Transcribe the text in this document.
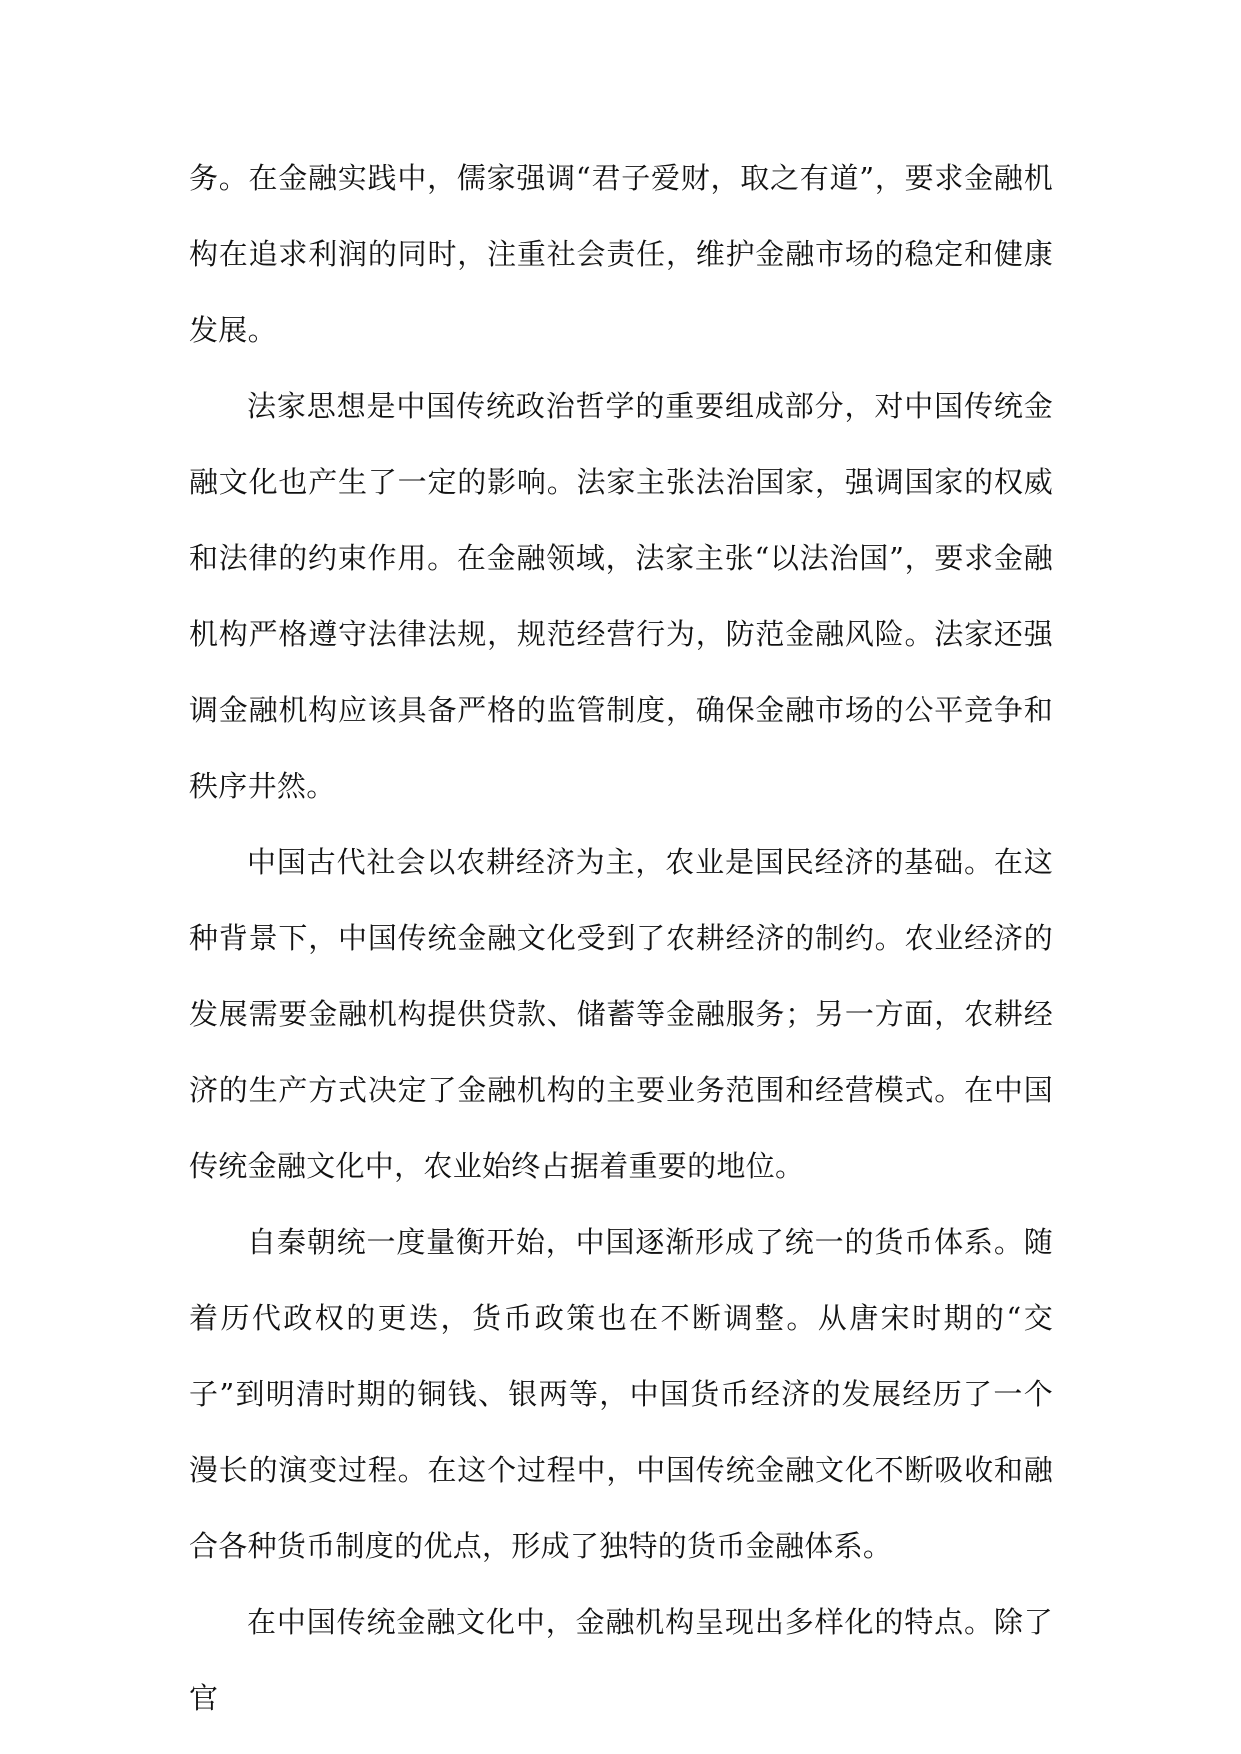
务。在金融实践中，儒家强调“君子爱财，取之有道”，要求金融机构在追求利润的同时，注重社会责任，维护金融市场的稳定和健康发展。

法家思想是中国传统政治哲学的重要组成部分，对中国传统金融文化也产生了一定的影响。法家主张法治国家，强调国家的权威和法律的约束作用。在金融领域，法家主张“以法治国”，要求金融机构严格遵守法律法规，规范经营行为，防范金融风险。法家还强调金融机构应该具备严格的监管制度，确保金融市场的公平竞争和秩序井然。

中国古代社会以农耕经济为主，农业是国民经济的基础。在这种背景下，中国传统金融文化受到了农耕经济的制约。农业经济的发展需要金融机构提供贷款、储蓄等金融服务；另一方面，农耕经济的生产方式决定了金融机构的主要业务范围和经营模式。在中国传统金融文化中，农业始终占据着重要的地位。

自秦朝统一度量衡开始，中国逐渐形成了统一的货币体系。随着历代政权的更迭，货币政策也在不断调整。从唐宋时期的“交子”到明清时期的铜钱、银两等，中国货币经济的发展经历了一个漫长的演变过程。在这个过程中，中国传统金融文化不断吸收和融合各种货币制度的优点，形成了独特的货币金融体系。

在中国传统金融文化中，金融机构呈现出多样化的特点。除了官
